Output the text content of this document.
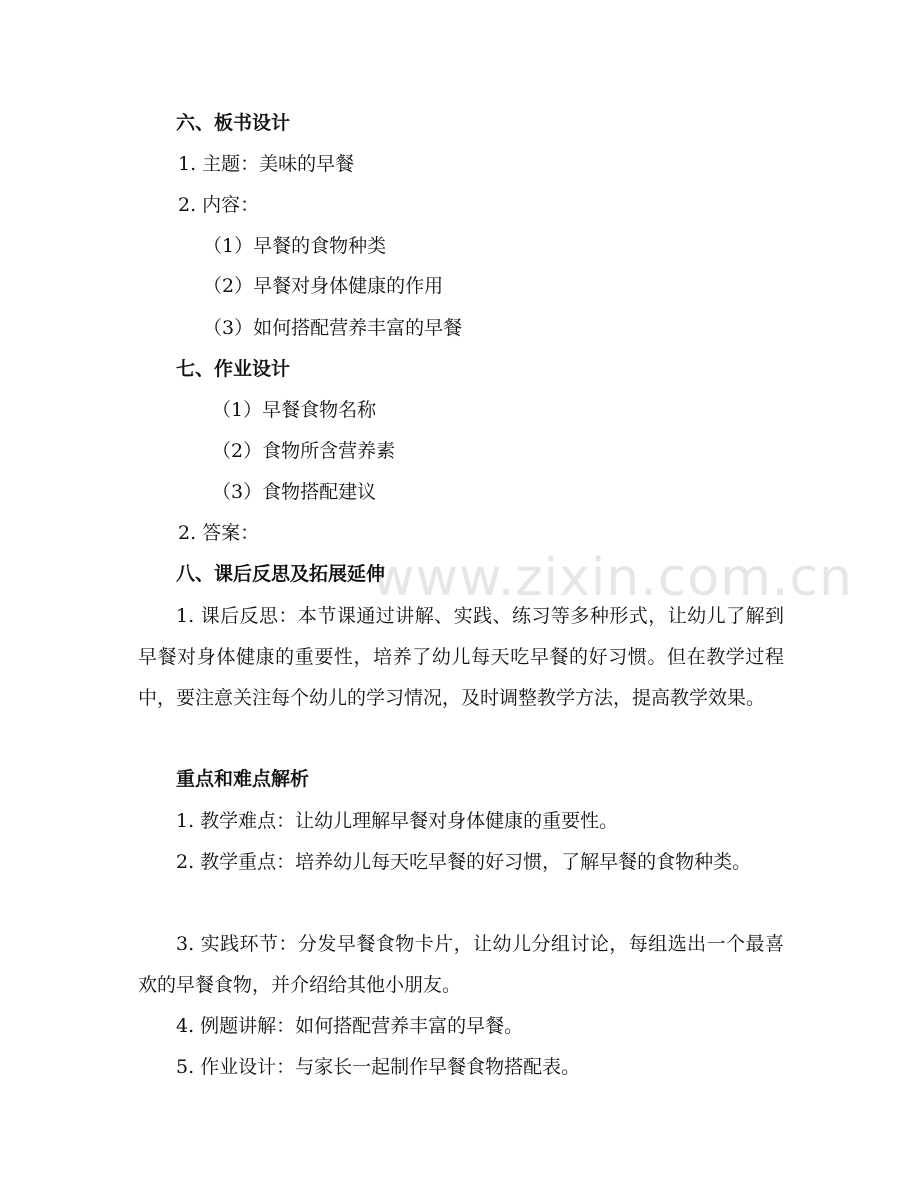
www.zixin.com.cn
六、板书设计
1. 主题：美味的早餐
2. 内容：
（1）早餐的食物种类
（2）早餐对身体健康的作用
（3）如何搭配营养丰富的早餐
七、作业设计
（1）早餐食物名称
（2）食物所含营养素
（3）食物搭配建议
2. 答案：
八、课后反思及拓展延伸
1. 课后反思：本节课通过讲解、实践、练习等多种形式，让幼儿了解到早餐对身体健康的重要性，培养了幼儿每天吃早餐的好习惯。但在教学过程中，要注意关注每个幼儿的学习情况，及时调整教学方法，提高教学效果。
重点和难点解析
1. 教学难点：让幼儿理解早餐对身体健康的重要性。
2. 教学重点：培养幼儿每天吃早餐的好习惯，了解早餐的食物种类。
3. 实践环节：分发早餐食物卡片，让幼儿分组讨论，每组选出一个最喜欢的早餐食物，并介绍给其他小朋友。
4. 例题讲解：如何搭配营养丰富的早餐。
5. 作业设计：与家长一起制作早餐食物搭配表。
